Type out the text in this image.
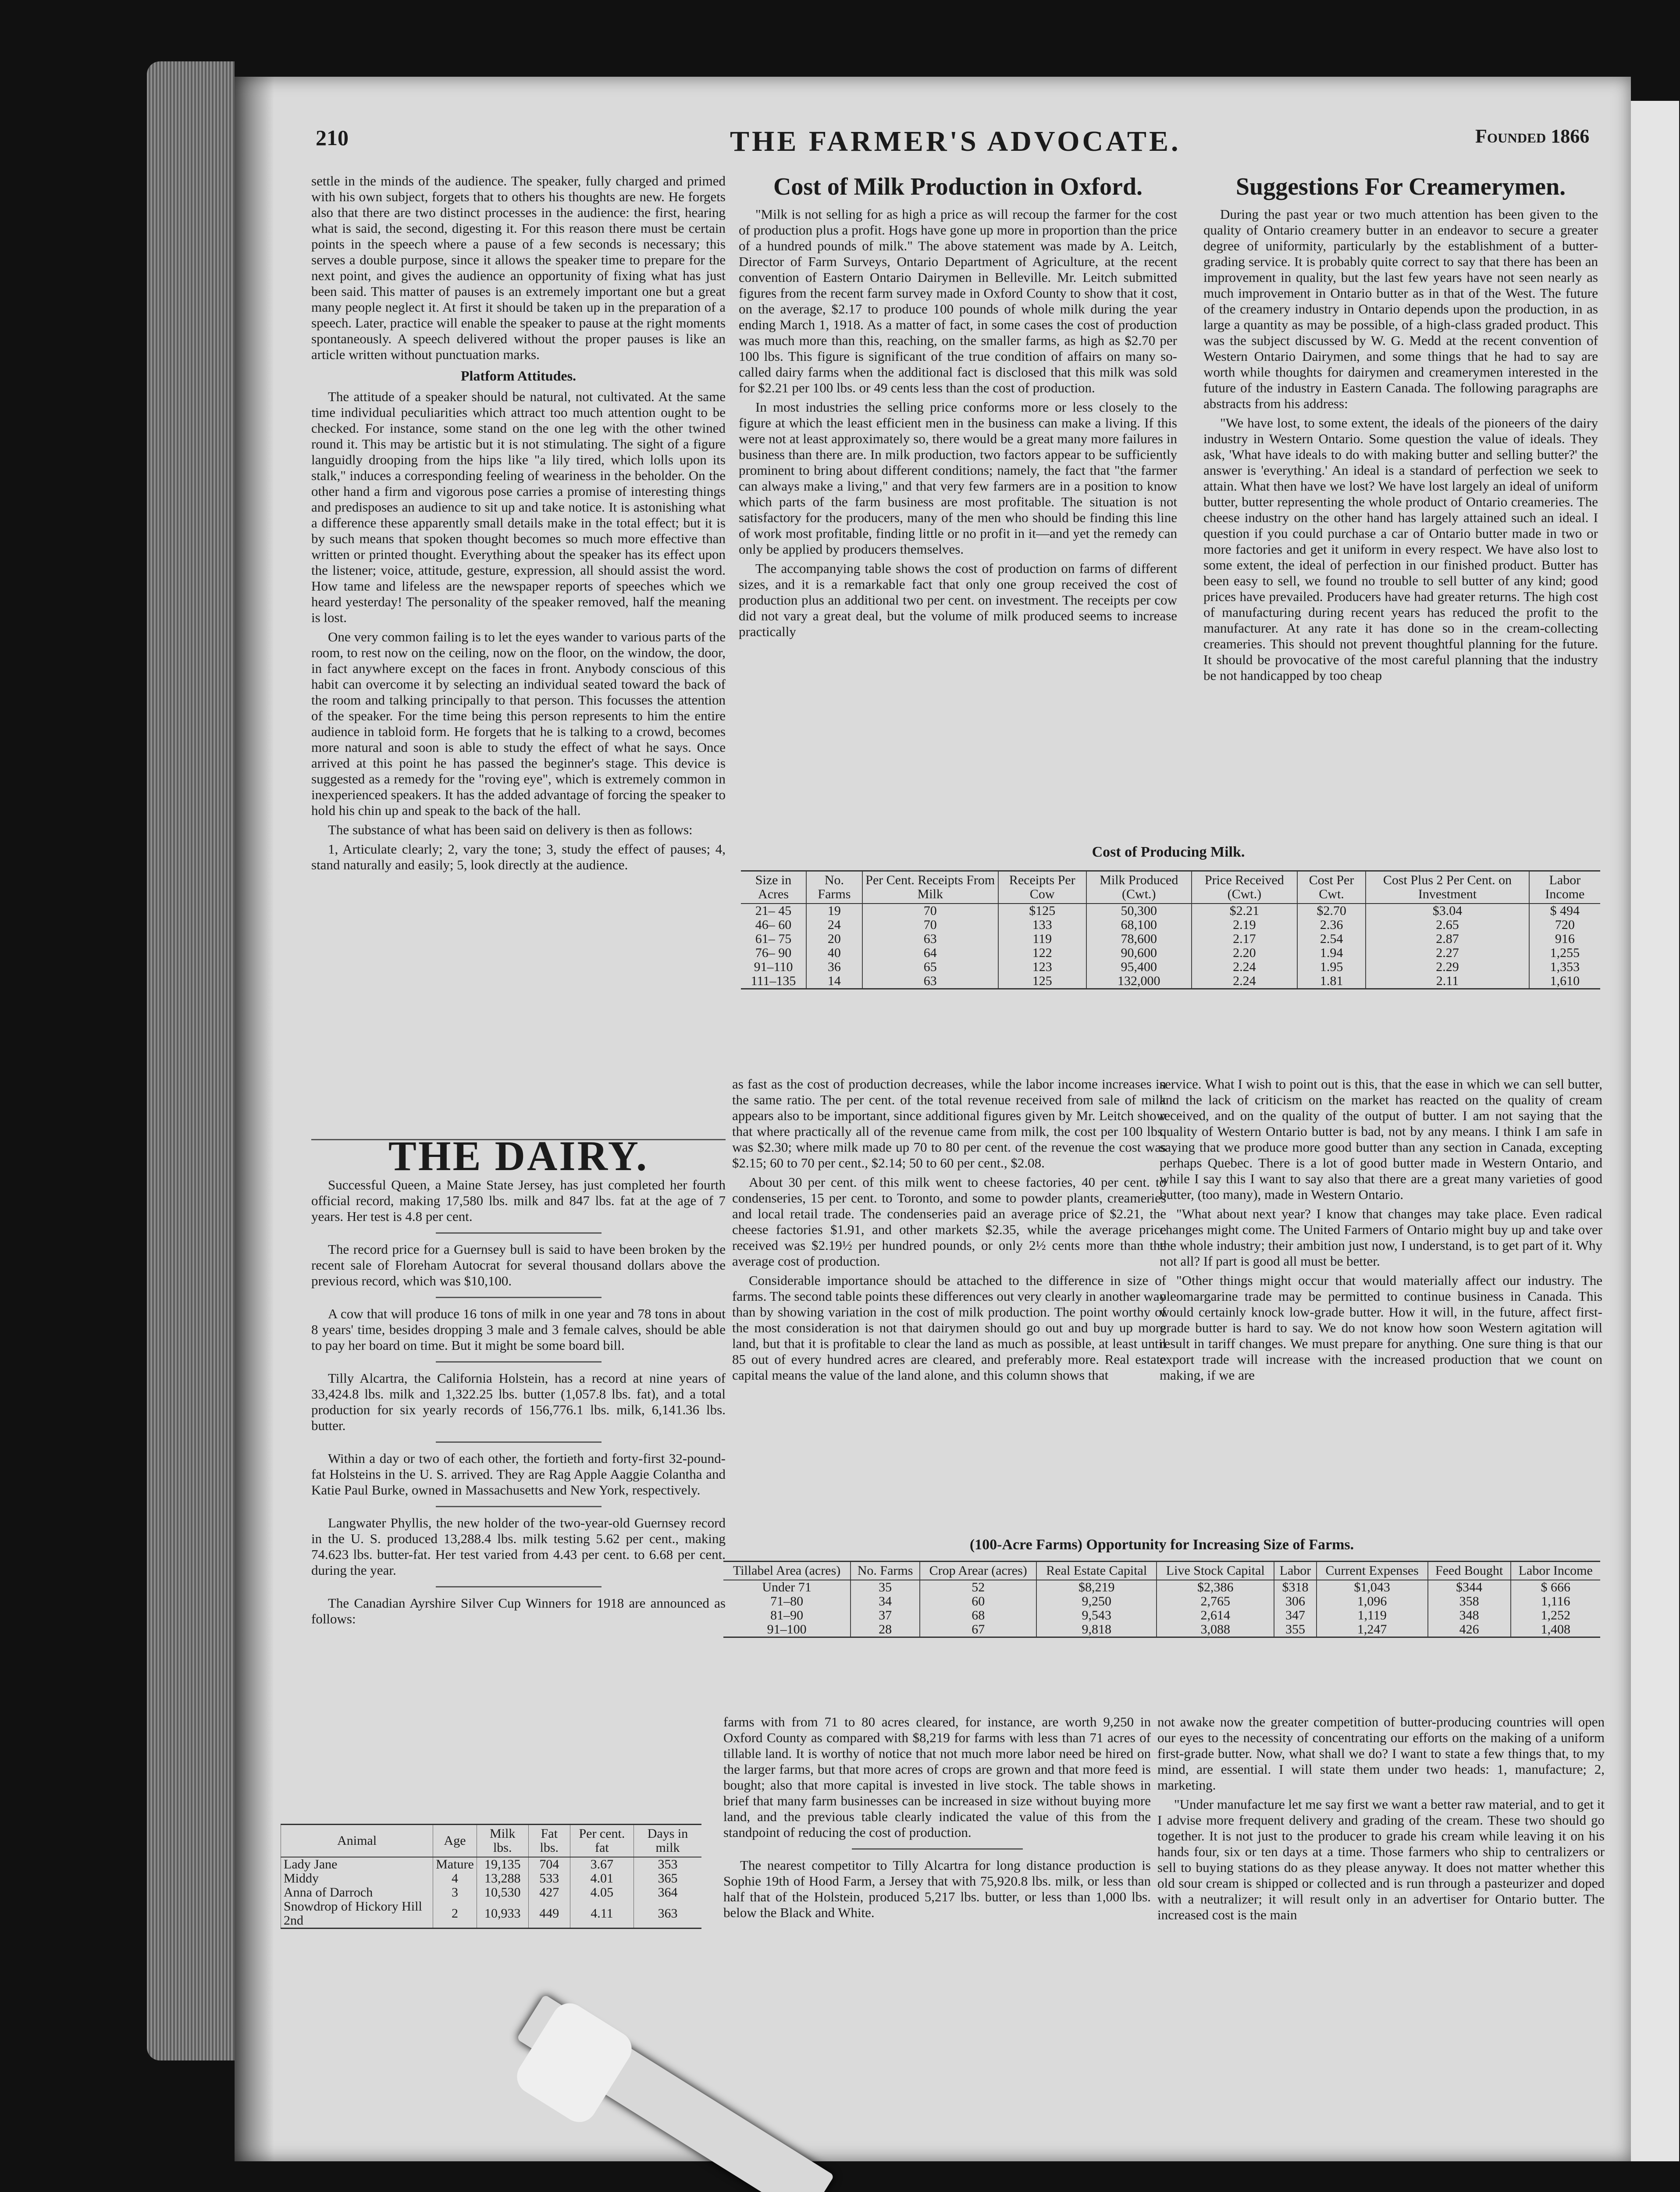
210	THE FARMER'S ADVOCATE.	Founded 1866

settle in the minds of the audience. The speaker, fully charged and primed with his own subject, forgets that to others his thoughts are new. He forgets also that there are two distinct processes in the audience: the first, hearing what is said, the second, digesting it. For this reason there must be certain points in the speech where a pause of a few seconds is necessary; this serves a double purpose, since it allows the speaker time to prepare for the next point, and gives the audience an opportunity of fixing what has just been said. This matter of pauses is an extremely important one but a great many people neglect it. At first it should be taken up in the preparation of a speech. Later, practice will enable the speaker to pause at the right moments spontaneously. A speech delivered without the proper pauses is like an article written without punctuation marks.

Platform Attitudes.

The attitude of a speaker should be natural, not cultivated. At the same time individual peculiarities which attract too much attention ought to be checked. For instance, some stand on the one leg with the other twined round it. This may be artistic but it is not stimulating. The sight of a figure languidly drooping from the hips like "a lily tired, which lolls upon its stalk," induces a corresponding feeling of weariness in the beholder. On the other hand a firm and vigorous pose carries a promise of interesting things and predisposes an audience to sit up and take notice. It is astonishing what a difference these apparently small details make in the total effect; but it is by such means that spoken thought becomes so much more effective than written or printed thought. Everything about the speaker has its effect upon the listener; voice, attitude, gesture, expression, all should assist the word. How tame and lifeless are the newspaper reports of speeches which we heard yesterday! The personality of the speaker removed, half the meaning is lost.

One very common failing is to let the eyes wander to various parts of the room, to rest now on the ceiling, now on the floor, on the window, the door, in fact anywhere except on the faces in front. Anybody conscious of this habit can overcome it by selecting an individual seated toward the back of the room and talking principally to that person. This focusses the attention of the speaker. For the time being this person represents to him the entire audience in tabloid form. He forgets that he is talking to a crowd, becomes more natural and soon is able to study the effect of what he says. Once arrived at this point he has passed the beginner's stage. This device is suggested as a remedy for the "roving eye", which is extremely common in inexperienced speakers. It has the added advantage of forcing the speaker to hold his chin up and speak to the back of the hall.

The substance of what has been said on delivery is then as follows:

1, Articulate clearly; 2, vary the tone; 3, study the effect of pauses; 4, stand naturally and easily; 5, look directly at the audience.

THE DAIRY.

Successful Queen, a Maine State Jersey, has just completed her fourth official record, making 17,580 lbs. milk and 847 lbs. fat at the age of 7 years. Her test is 4.8 per cent.

The record price for a Guernsey bull is said to have been broken by the recent sale of Floreham Autocrat for several thousand dollars above the previous record, which was $10,100.

A cow that will produce 16 tons of milk in one year and 78 tons in about 8 years' time, besides dropping 3 male and 3 female calves, should be able to pay her board on time. But it might be some board bill.

Tilly Alcartra, the California Holstein, has a record at nine years of 33,424.8 lbs. milk and 1,322.25 lbs. butter (1,057.8 lbs. fat), and a total production for six yearly records of 156,776.1 lbs. milk, 6,141.36 lbs. butter.

Within a day or two of each other, the fortieth and forty-first 32-pound-fat Holsteins in the U. S. arrived. They are Rag Apple Aaggie Colantha and Katie Paul Burke, owned in Massachusetts and New York, respectively.

Langwater Phyllis, the new holder of the two-year-old Guernsey record in the U. S. produced 13,288.4 lbs. milk testing 5.62 per cent., making 74.623 lbs. butter-fat. Her test varied from 4.43 per cent. to 6.68 per cent. during the year.

The Canadian Ayrshire Silver Cup Winners for 1918 are announced as follows:

Animal	Age	Milk lbs.	Fat lbs.	Per cent. fat	Days in milk
Lady Jane	Mature	19,135	704	3.67	353
Middy	4	13,288	533	4.01	365
Anna of Darroch	3	10,530	427	4.05	364
Snowdrop of Hickory Hill 2nd	2	10,933	449	4.11	363
Cost of Milk Production in Oxford.

"Milk is not selling for as high a price as will recoup the farmer for the cost of production plus a profit. Hogs have gone up more in proportion than the price of a hundred pounds of milk." The above statement was made by A. Leitch, Director of Farm Surveys, Ontario Department of Agriculture, at the recent convention of Eastern Ontario Dairymen in Belleville. Mr. Leitch submitted figures from the recent farm survey made in Oxford County to show that it cost, on the average, $2.17 to produce 100 pounds of whole milk during the year ending March 1, 1918. As a matter of fact, in some cases the cost of production was much more than this, reaching, on the smaller farms, as high as $2.70 per 100 lbs. This figure is significant of the true condition of affairs on many so-called dairy farms when the additional fact is disclosed that this milk was sold for $2.21 per 100 lbs. or 49 cents less than the cost of production.

In most industries the selling price conforms more or less closely to the figure at which the least efficient men in the business can make a living. If this were not at least approximately so, there would be a great many more failures in business than there are. In milk production, two factors appear to be sufficiently prominent to bring about different conditions; namely, the fact that "the farmer can always make a living," and that very few farmers are in a position to know which parts of the farm business are most profitable. The situation is not satisfactory for the producers, many of the men who should be finding this line of work most profitable, finding little or no profit in it—and yet the remedy can only be applied by producers themselves.

The accompanying table shows the cost of production on farms of different sizes, and it is a remarkable fact that only one group received the cost of production plus an additional two per cent. on investment. The receipts per cow did not vary a great deal, but the volume of milk produced seems to increase practically

Suggestions For Creamerymen.

During the past year or two much attention has been given to the quality of Ontario creamery butter in an endeavor to secure a greater degree of uniformity, particularly by the establishment of a butter-grading service. It is probably quite correct to say that there has been an improvement in quality, but the last few years have not seen nearly as much improvement in Ontario butter as in that of the West. The future of the creamery industry in Ontario depends upon the production, in as large a quantity as may be possible, of a high-class graded product. This was the subject discussed by W. G. Medd at the recent convention of Western Ontario Dairymen, and some things that he had to say are worth while thoughts for dairymen and creamerymen interested in the future of the industry in Eastern Canada. The following paragraphs are abstracts from his address:

"We have lost, to some extent, the ideals of the pioneers of the dairy industry in Western Ontario. Some question the value of ideals. They ask, 'What have ideals to do with making butter and selling butter?' the answer is 'everything.' An ideal is a standard of perfection we seek to attain. What then have we lost? We have lost largely an ideal of uniform butter, butter representing the whole product of Ontario creameries. The cheese industry on the other hand has largely attained such an ideal. I question if you could purchase a car of Ontario butter made in two or more factories and get it uniform in every respect. We have also lost to some extent, the ideal of perfection in our finished product. Butter has been easy to sell, we found no trouble to sell butter of any kind; good prices have prevailed. Producers have had greater returns. The high cost of manufacturing during recent years has reduced the profit to the manufacturer. At any rate it has done so in the cream-collecting creameries. This should not prevent thoughtful planning for the future. It should be provocative of the most careful planning that the industry be not handicapped by too cheap

Cost of Producing Milk.
Size in Acres	No. Farms	Per Cent. Receipts From Milk	Receipts Per Cow	Milk Produced (Cwt.)	Price Received (Cwt.)	Cost Per Cwt.	Cost Plus 2 Per Cent. on Investment	Labor Income
21– 45	19	70	$125	50,300	$2.21	$2.70	$3.04	$ 494
46– 60	24	70	133	68,100	2.19	2.36	2.65	720
61– 75	20	63	119	78,600	2.17	2.54	2.87	916
76– 90	40	64	122	90,600	2.20	1.94	2.27	1,255
91–110	36	65	123	95,400	2.24	1.95	2.29	1,353
111–135	14	63	125	132,000	2.24	1.81	2.11	1,610

as fast as the cost of production decreases, while the labor income increases in the same ratio. The per cent. of the total revenue received from sale of milk appears also to be important, since additional figures given by Mr. Leitch show that where practically all of the revenue came from milk, the cost per 100 lbs. was $2.30; where milk made up 70 to 80 per cent. of the revenue the cost was $2.15; 60 to 70 per cent., $2.14; 50 to 60 per cent., $2.08.

About 30 per cent. of this milk went to cheese factories, 40 per cent. to condenseries, 15 per cent. to Toronto, and some to powder plants, creameries and local retail trade. The condenseries paid an average price of $2.21, the cheese factories $1.91, and other markets $2.35, while the average price received was $2.19½ per hundred pounds, or only 2½ cents more than the average cost of production.

Considerable importance should be attached to the difference in size of farms. The second table points these differences out very clearly in another way than by showing variation in the cost of milk production. The point worthy of the most consideration is not that dairymen should go out and buy up more land, but that it is profitable to clear the land as much as possible, at least until 85 out of every hundred acres are cleared, and preferably more. Real estate capital means the value of the land alone, and this column shows that

service. What I wish to point out is this, that the ease in which we can sell butter, and the lack of criticism on the market has reacted on the quality of cream received, and on the quality of the output of butter. I am not saying that the quality of Western Ontario butter is bad, not by any means. I think I am safe in saying that we produce more good butter than any section in Canada, excepting perhaps Quebec. There is a lot of good butter made in Western Ontario, and while I say this I want to say also that there are a great many varieties of good butter, (too many), made in Western Ontario.

"What about next year? I know that changes may take place. Even radical changes might come. The United Farmers of Ontario might buy up and take over the whole industry; their ambition just now, I understand, is to get part of it. Why not all? If part is good all must be better.

"Other things might occur that would materially affect our industry. The oleomargarine trade may be permitted to continue business in Canada. This would certainly knock low-grade butter. How it will, in the future, affect first-grade butter is hard to say. We do not know how soon Western agitation will result in tariff changes. We must prepare for anything. One sure thing is that our export trade will increase with the increased production that we count on making, if we are

(100-Acre Farms) Opportunity for Increasing Size of Farms.
Tillabel Area (acres)	No. Farms	Crop Arear (acres)	Real Estate Capital	Live Stock Capital	Labor	Current Expenses	Feed Bought	Labor Income
Under 71	35	52	$8,219	$2,386	$318	$1,043	$344	$ 666
71–80	34	60	9,250	2,765	306	1,096	358	1,116
81–90	37	68	9,543	2,614	347	1,119	348	1,252
91–100	28	67	9,818	3,088	355	1,247	426	1,408

farms with from 71 to 80 acres cleared, for instance, are worth 9,250 in Oxford County as compared with $8,219 for farms with less than 71 acres of tillable land. It is worthy of notice that not much more labor need be hired on the larger farms, but that more acres of crops are grown and that more feed is bought; also that more capital is invested in live stock. The table shows in brief that many farm businesses can be increased in size without buying more land, and the previous table clearly indicated the value of this from the standpoint of reducing the cost of production.

The nearest competitor to Tilly Alcartra for long distance production is Sophie 19th of Hood Farm, a Jersey that with 75,920.8 lbs. milk, or less than half that of the Holstein, produced 5,217 lbs. butter, or less than 1,000 lbs. below the Black and White.

not awake now the greater competition of butter-producing countries will open our eyes to the necessity of concentrating our efforts on the making of a uniform first-grade butter. Now, what shall we do? I want to state a few things that, to my mind, are essential. I will state them under two heads: 1, manufacture; 2, marketing.

"Under manufacture let me say first we want a better raw material, and to get it I advise more frequent delivery and grading of the cream. These two should go together. It is not just to the producer to grade his cream while leaving it on his hands four, six or ten days at a time. Those farmers who ship to centralizers or sell to buying stations do as they please anyway. It does not matter whether this old sour cream is shipped or collected and is run through a pasteurizer and doped with a neutralizer; it will result only in an advertiser for Ontario butter. The increased cost is the main
